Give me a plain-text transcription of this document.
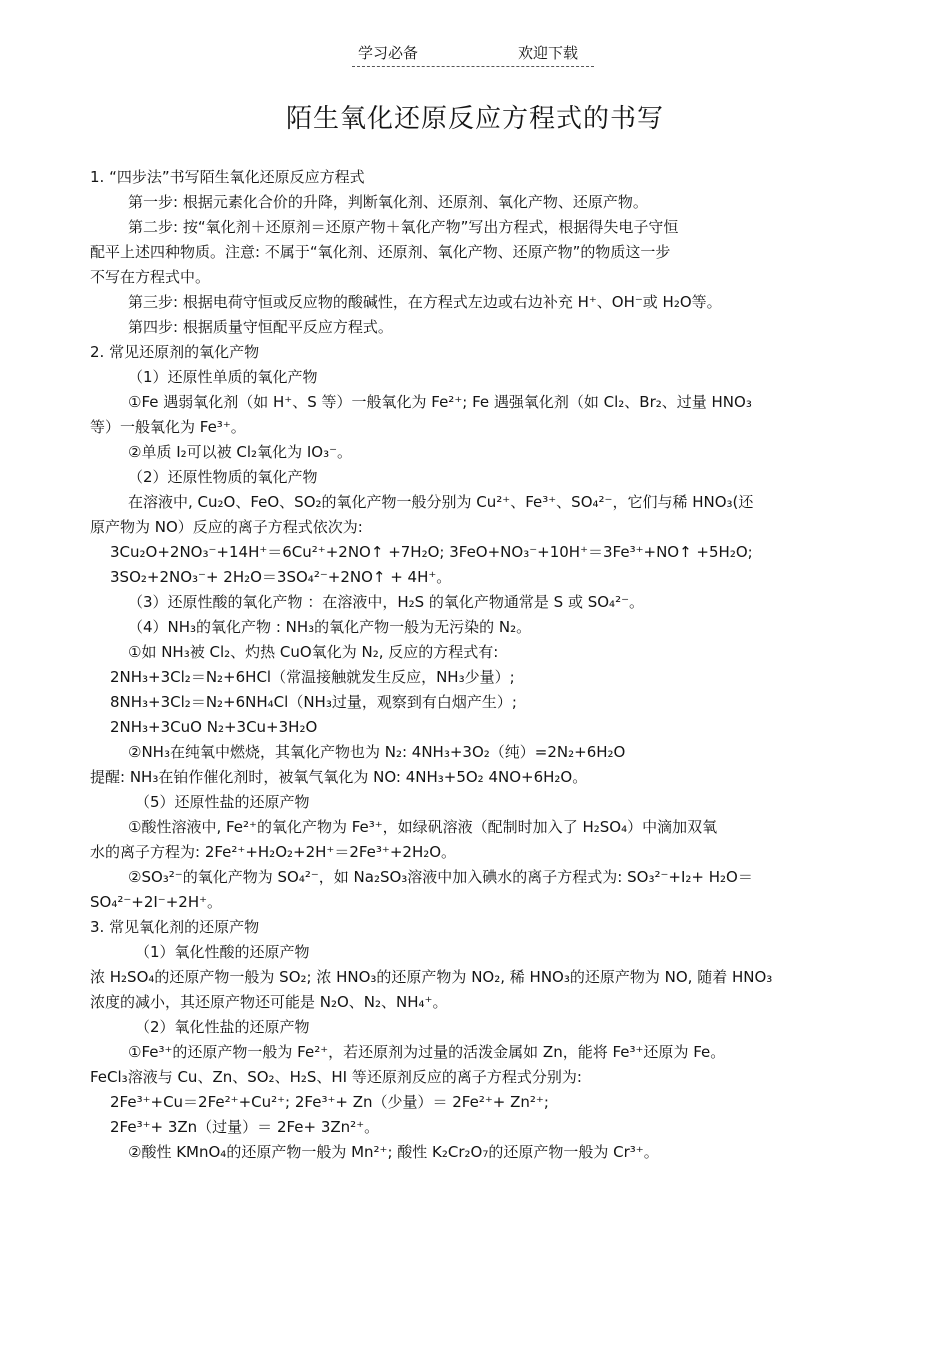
学习必备	欢迎下载
陌生氧化还原反应方程式的书写
1. “四步法”书写陌生氧化还原反应方程式
第一步: 根据元素化合价的升降，判断氧化剂、还原剂、氧化产物、还原产物。
第二步: 按“氧化剂＋还原剂＝还原产物＋氧化产物”写出方程式，根据得失电子守恒
配平上述四种物质。注意: 不属于“氧化剂、还原剂、氧化产物、还原产物”的物质这一步
不写在方程式中。
第三步: 根据电荷守恒或反应物的酸碱性，在方程式左边或右边补充 H⁺、OH⁻或 H₂O等。
第四步: 根据质量守恒配平反应方程式。
2. 常见还原剂的氧化产物
（1）还原性单质的氧化产物
①Fe 遇弱氧化剂（如 H⁺、S 等）一般氧化为 Fe²⁺; Fe 遇强氧化剂（如 Cl₂、Br₂、过量 HNO₃
等）一般氧化为 Fe³⁺。
②单质 I₂可以被 Cl₂氧化为 IO₃⁻。
（2）还原性物质的氧化产物
在溶液中, Cu₂O、FeO、SO₂的氧化产物一般分别为 Cu²⁺、Fe³⁺、SO₄²⁻，它们与稀 HNO₃(还
原产物为 NO）反应的离子方程式依次为:
3Cu₂O+2NO₃⁻+14H⁺＝6Cu²⁺+2NO↑ +7H₂O; 3FeO+NO₃⁻+10H⁺＝3Fe³⁺+NO↑ +5H₂O;
3SO₂+2NO₃⁻+ 2H₂O＝3SO₄²⁻+2NO↑ + 4H⁺。
（3）还原性酸的氧化产物 ：在溶液中，H₂S 的氧化产物通常是 S 或 SO₄²⁻。
（4）NH₃的氧化产物 : NH₃的氧化产物一般为无污染的 N₂。
①如 NH₃被 Cl₂、灼热 CuO氧化为 N₂, 反应的方程式有:
2NH₃+3Cl₂＝N₂+6HCl（常温接触就发生反应，NH₃少量）;
8NH₃+3Cl₂＝N₂+6NH₄Cl（NH₃过量，观察到有白烟产生）;
2NH₃+3CuO N₂+3Cu+3H₂O
②NH₃在纯氧中燃烧，其氧化产物也为 N₂: 4NH₃+3O₂（纯）=2N₂+6H₂O
提醒: NH₃在铂作催化剂时，被氧气氧化为 NO: 4NH₃+5O₂ 4NO+6H₂O。
（5）还原性盐的还原产物
①酸性溶液中, Fe²⁺的氧化产物为 Fe³⁺，如绿矾溶液（配制时加入了 H₂SO₄）中滴加双氧
水的离子方程为: 2Fe²⁺+H₂O₂+2H⁺＝2Fe³⁺+2H₂O。
②SO₃²⁻的氧化产物为 SO₄²⁻，如 Na₂SO₃溶液中加入碘水的离子方程式为: SO₃²⁻+I₂+ H₂O＝
SO₄²⁻+2I⁻+2H⁺。
3. 常见氧化剂的还原产物
（1）氧化性酸的还原产物
浓 H₂SO₄的还原产物一般为 SO₂; 浓 HNO₃的还原产物为 NO₂, 稀 HNO₃的还原产物为 NO, 随着 HNO₃
浓度的减小，其还原产物还可能是 N₂O、N₂、NH₄⁺。
（2）氧化性盐的还原产物
①Fe³⁺的还原产物一般为 Fe²⁺，若还原剂为过量的活泼金属如 Zn，能将 Fe³⁺还原为 Fe。
FeCl₃溶液与 Cu、Zn、SO₂、H₂S、HI 等还原剂反应的离子方程式分别为:
2Fe³⁺+Cu＝2Fe²⁺+Cu²⁺; 2Fe³⁺+ Zn（少量）＝ 2Fe²⁺+ Zn²⁺;
2Fe³⁺+ 3Zn（过量）＝ 2Fe+ 3Zn²⁺。
②酸性 KMnO₄的还原产物一般为 Mn²⁺; 酸性 K₂Cr₂O₇的还原产物一般为 Cr³⁺。
